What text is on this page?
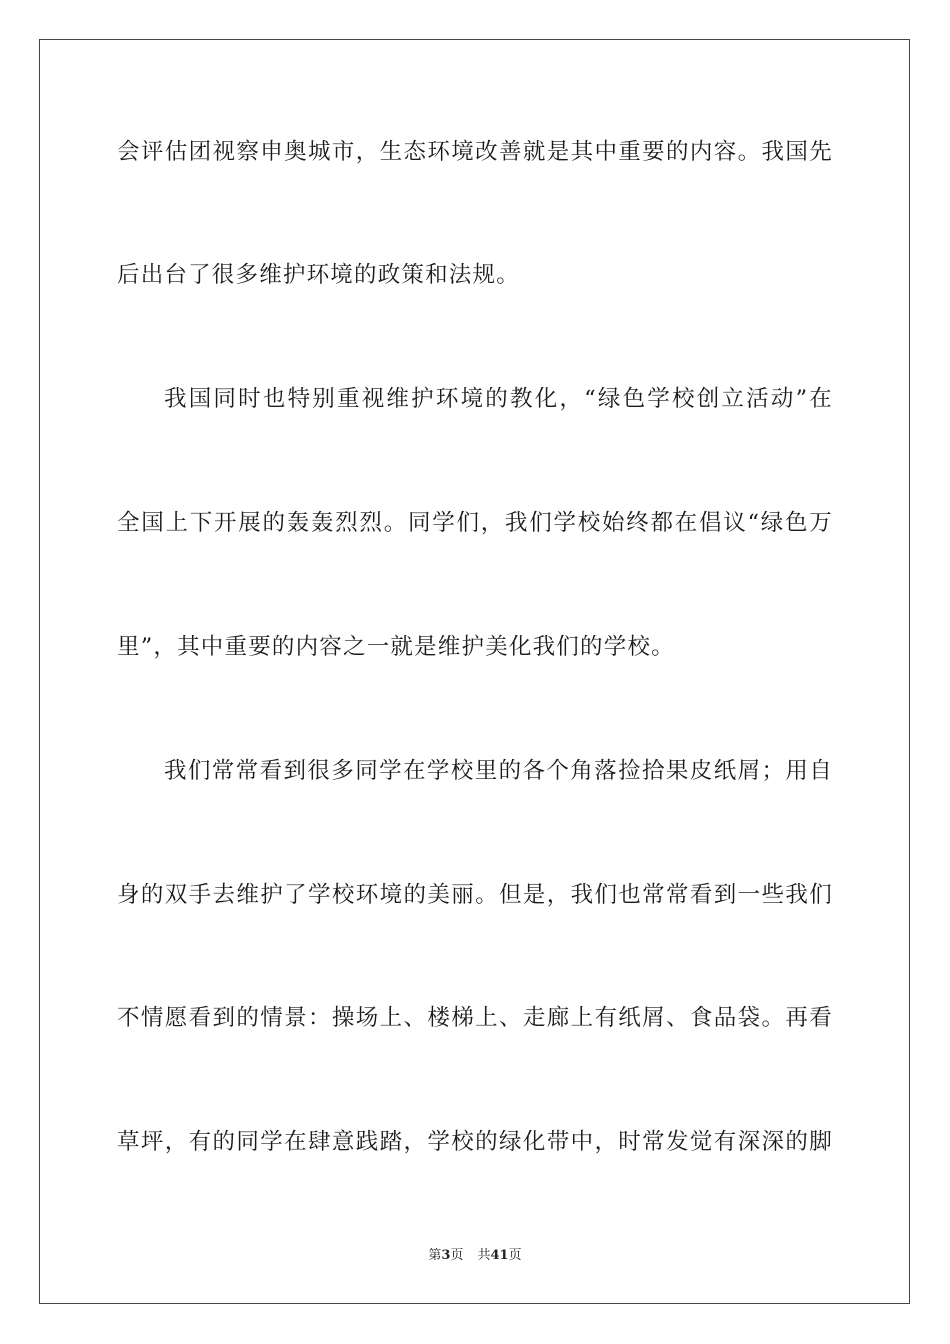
会评估团视察申奥城市，生态环境改善就是其中重要的内容。我国先
后出台了很多维护环境的政策和法规。
我国同时也特别重视维护环境的教化，“绿色学校创立活动”在
全国上下开展的轰轰烈烈。同学们，我们学校始终都在倡议“绿色万
里”，其中重要的内容之一就是维护美化我们的学校。
我们常常看到很多同学在学校里的各个角落捡拾果皮纸屑；用自
身的双手去维护了学校环境的美丽。但是，我们也常常看到一些我们
不情愿看到的情景：操场上、楼梯上、走廊上有纸屑、食品袋。再看
草坪，有的同学在肆意践踏，学校的绿化带中，时常发觉有深深的脚
第3页 共41页
